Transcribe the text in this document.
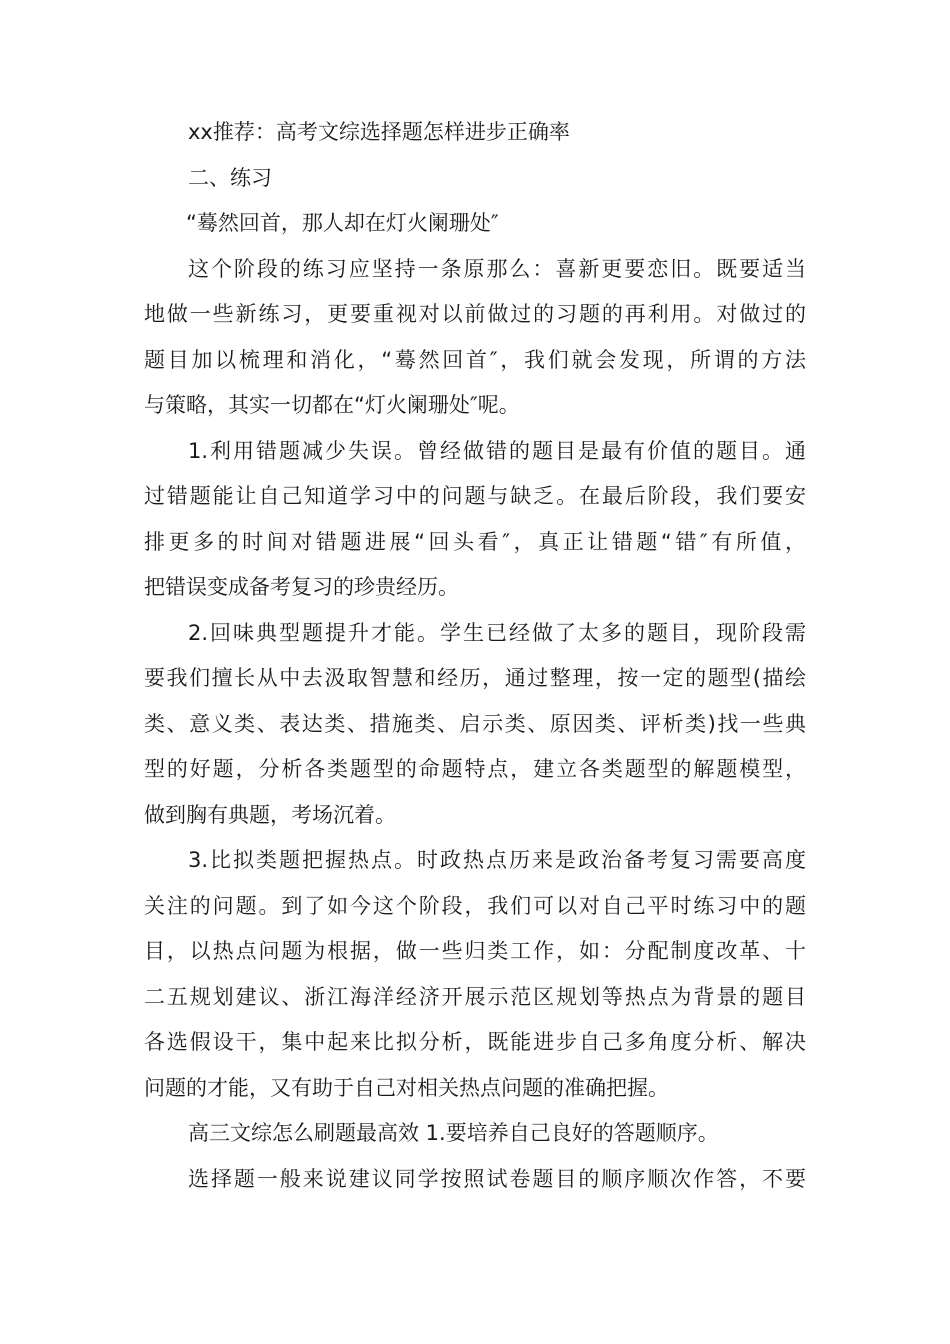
xx推荐：高考文综选择题怎样进步正确率
二、练习
“蓦然回首，那人却在灯火阑珊处″
这个阶段的练习应坚持一条原那么：喜新更要恋旧。既要适当
地做一些新练习，更要重视对以前做过的习题的再利用。对做过的
题目加以梳理和消化，“蓦然回首″，我们就会发现，所谓的方法
与策略，其实一切都在“灯火阑珊处″呢。
1.利用错题减少失误。曾经做错的题目是最有价值的题目。通
过错题能让自己知道学习中的问题与缺乏。在最后阶段，我们要安
排更多的时间对错题进展“回头看″，真正让错题“错″有所值，
把错误变成备考复习的珍贵经历。
2.回味典型题提升才能。学生已经做了太多的题目，现阶段需
要我们擅长从中去汲取智慧和经历，通过整理，按一定的题型(描绘
类、意义类、表达类、措施类、启示类、原因类、评析类)找一些典
型的好题，分析各类题型的命题特点，建立各类题型的解题模型，
做到胸有典题，考场沉着。
3.比拟类题把握热点。时政热点历来是政治备考复习需要高度
关注的问题。到了如今这个阶段，我们可以对自己平时练习中的题
目，以热点问题为根据，做一些归类工作，如：分配制度改革、十
二五规划建议、浙江海洋经济开展示范区规划等热点为背景的题目
各选假设干，集中起来比拟分析，既能进步自己多角度分析、解决
问题的才能，又有助于自己对相关热点问题的准确把握。
高三文综怎么刷题最高效 1.要培养自己良好的答题顺序。
选择题一般来说建议同学按照试卷题目的顺序顺次作答，不要
